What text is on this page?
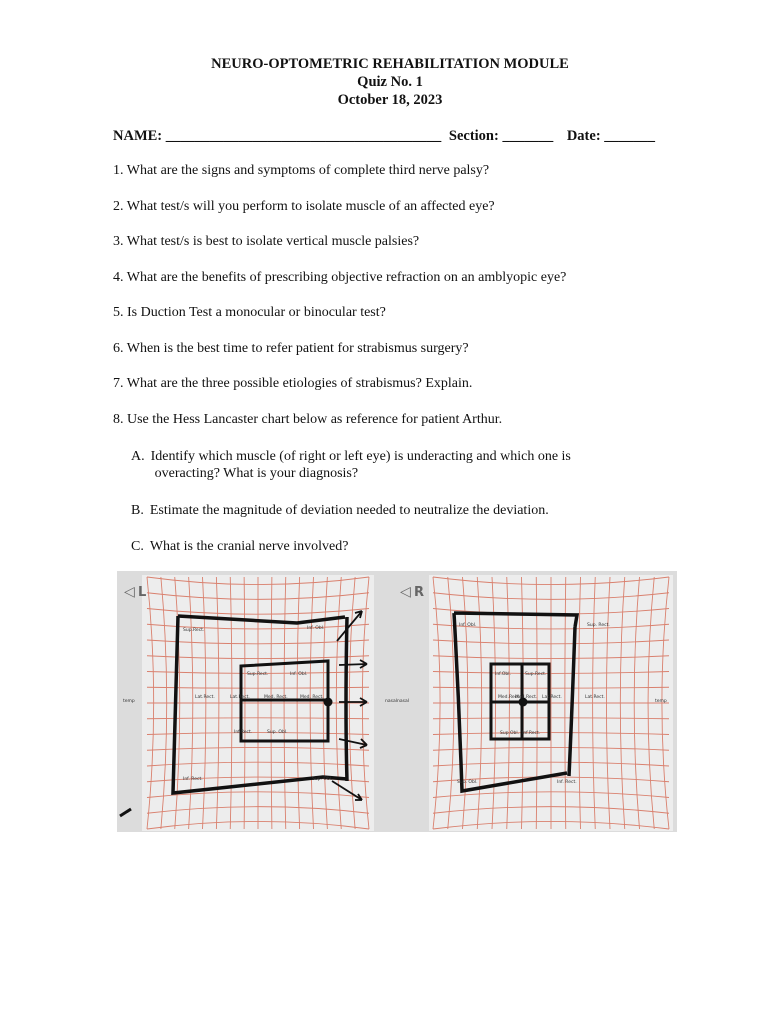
NEURO-OPTOMETRIC REHABILITATION MODULE
Quiz No. 1
October 18, 2023
NAME: ______________________________________ Section: _______ Date: _______
1. What are the signs and symptoms of complete third nerve palsy?
2. What test/s will you perform to isolate muscle of an affected eye?
3. What test/s is best to isolate vertical muscle palsies?
4. What are the benefits of prescribing objective refraction on an amblyopic eye?
5. Is Duction Test a monocular or binocular test?
6. When is the best time to refer patient for strabismus surgery?
7. What are the three possible etiologies of strabismus? Explain.
8. Use the Hess Lancaster chart below as reference for patient Arthur.
A. Identify which muscle (of right or left eye) is underacting and which one is
overacting? What is your diagnosis?
B. Estimate the magnitude of deviation needed to neutralize the deviation.
C. What is the cranial nerve involved?
◁ L
Sup.Rect.	Inf. Obl.
Sup.Rect.	Inf. Obl.
Lat.Rect.	Lat.Rect.	Med. Rect.	Med. Rect.
Inf.Rect.	Sup. Obl.
Inf. Rect.	Sup. Obl.
temp	nasal
◁ R
Inf. Obl.	Sup. Rect.
Inf.Obl.	Sup.Rect.
Med.Rect.
Med.Rect. Lat.Rect.	Lat.Rect.
Sup.Obl. Inf.Rect.
Sup. Obl.	Inf. Rect.
nasal	temp
